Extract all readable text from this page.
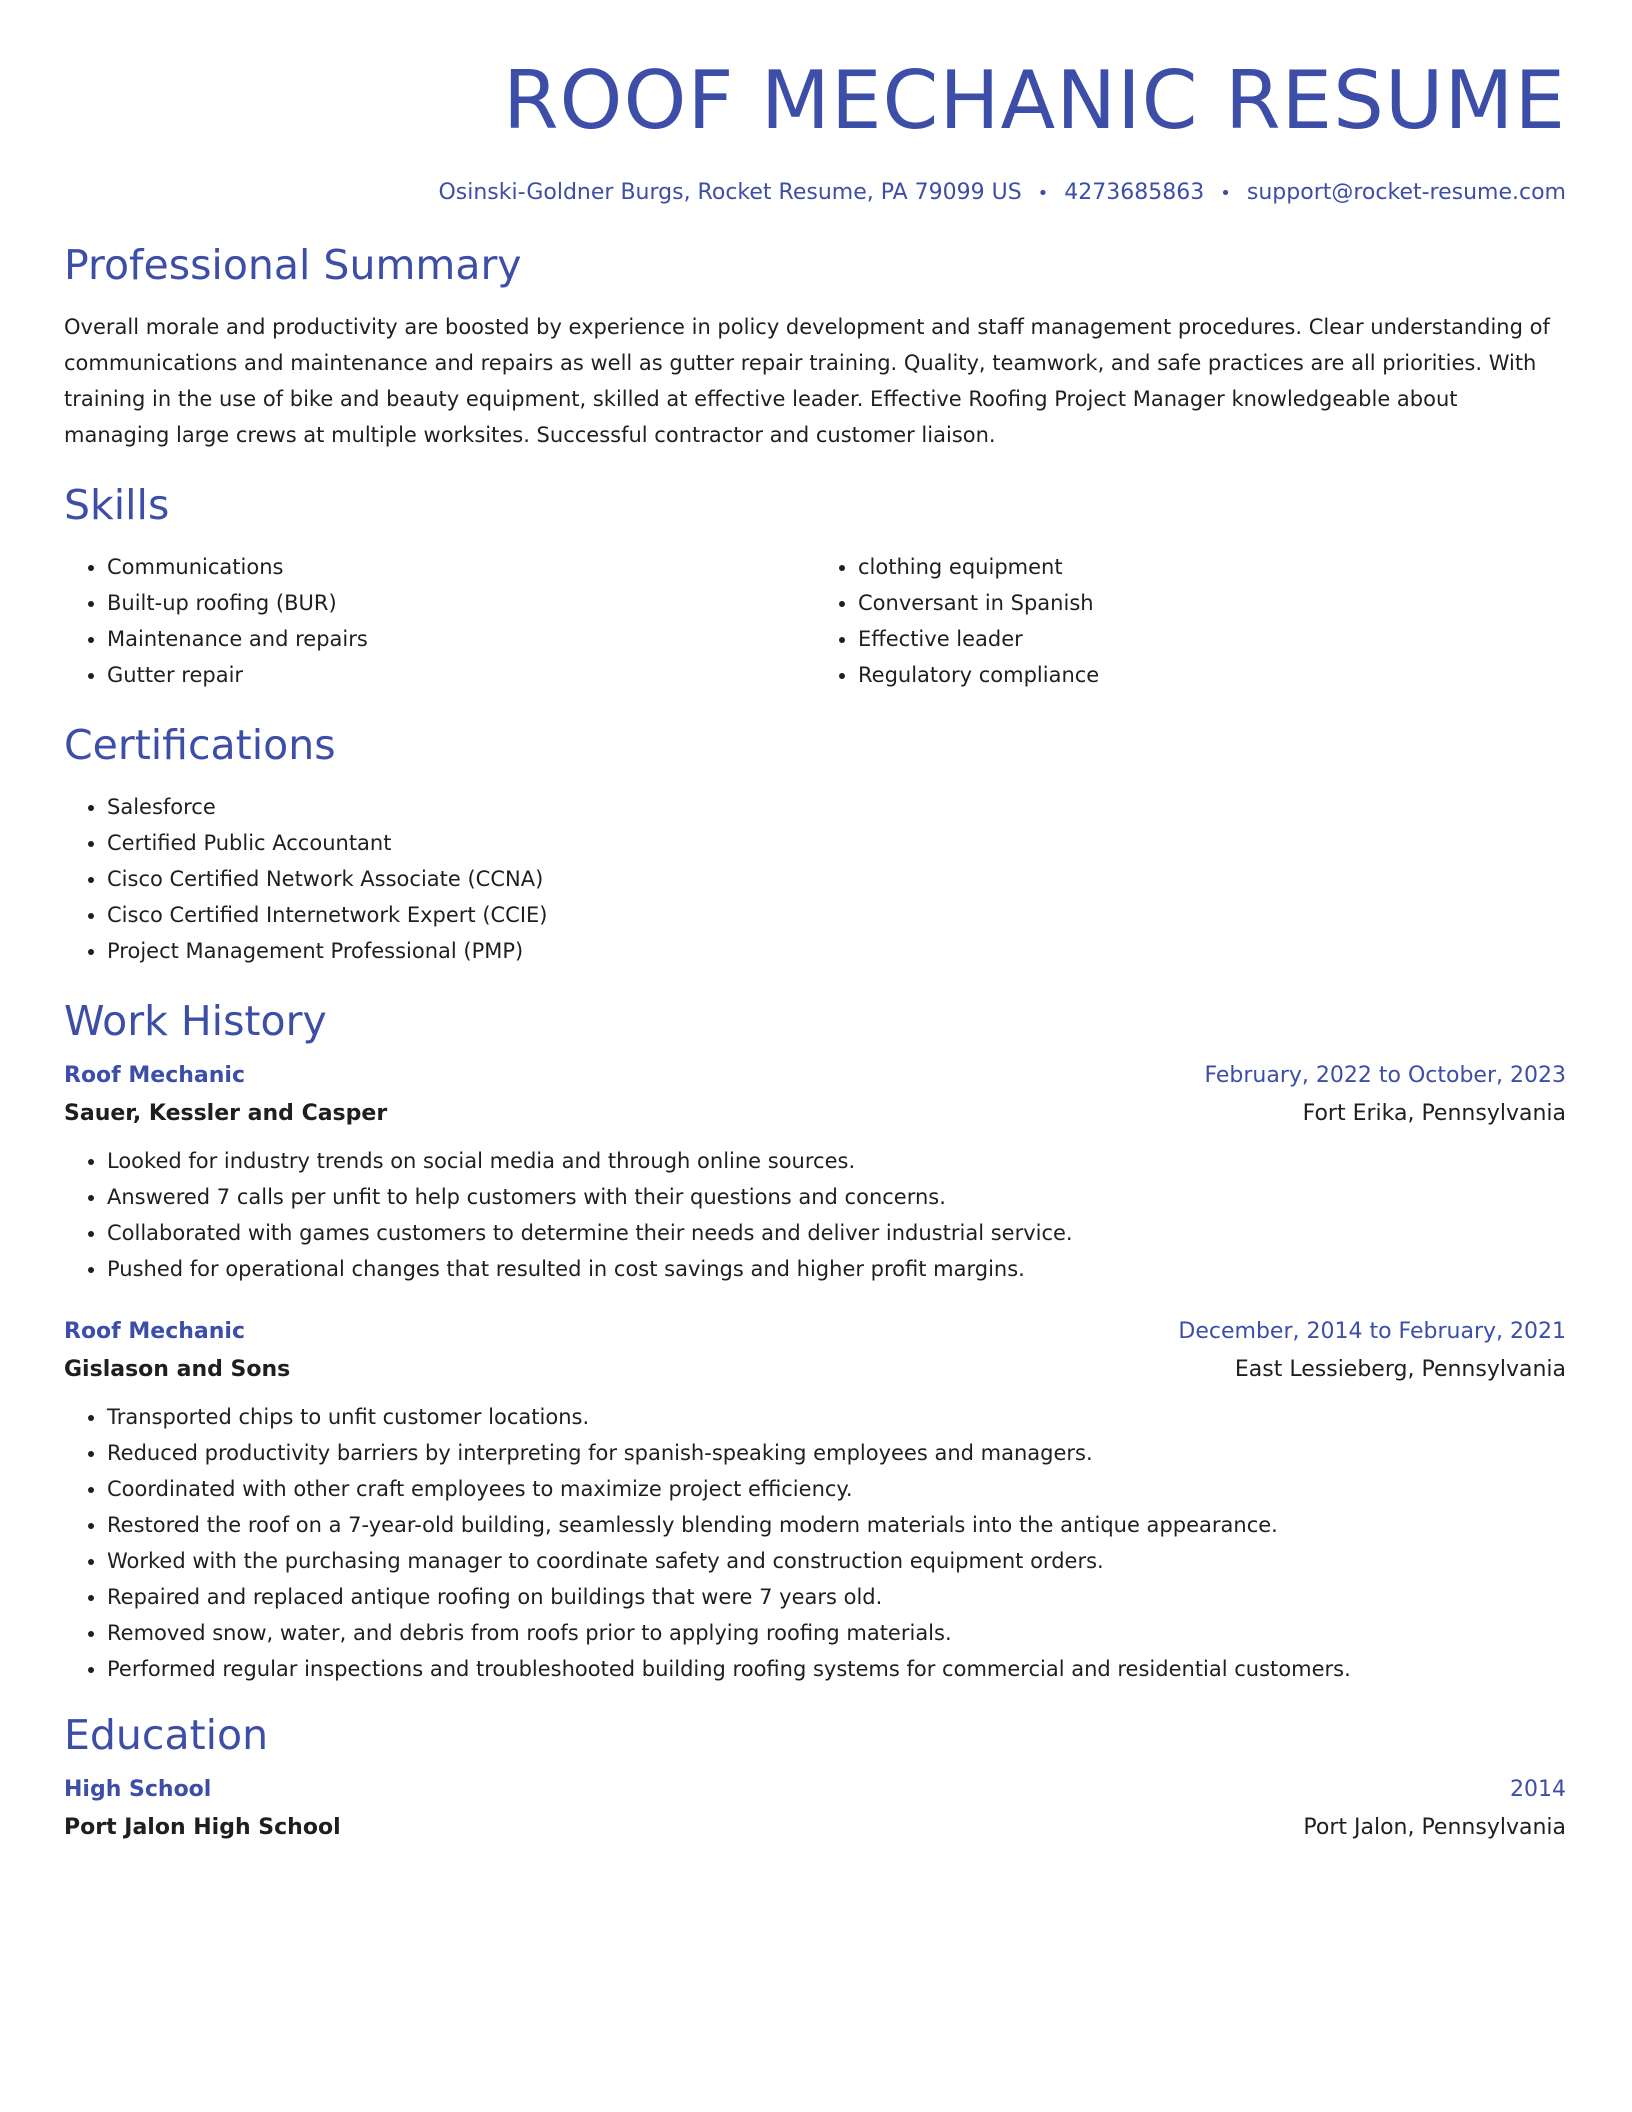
ROOF MECHANIC RESUME
Osinski-Goldner Burgs, Rocket Resume, PA 79099 US • 4273685863 • support@rocket-resume.com
Professional Summary

Overall morale and productivity are boosted by experience in policy development and staff management procedures. Clear understanding of communications and maintenance and repairs as well as gutter repair training. Quality, teamwork, and safe practices are all priorities. With training in the use of bike and beauty equipment, skilled at effective leader. Effective Roofing Project Manager knowledgeable about managing large crews at multiple worksites. Successful contractor and customer liaison.

Skills
• Communications
• Built-up roofing (BUR)
• Maintenance and repairs
• Gutter repair
• clothing equipment
• Conversant in Spanish
• Effective leader
• Regulatory compliance
Certifications
• Salesforce
• Certified Public Accountant
• Cisco Certified Network Associate (CCNA)
• Cisco Certified Internetwork Expert (CCIE)
• Project Management Professional (PMP)
Work History
Roof Mechanic	February, 2022 to October, 2023
Sauer, Kessler and Casper	Fort Erika, Pennsylvania
• Looked for industry trends on social media and through online sources.
• Answered 7 calls per unfit to help customers with their questions and concerns.
• Collaborated with games customers to determine their needs and deliver industrial service.
• Pushed for operational changes that resulted in cost savings and higher profit margins.
Roof Mechanic	December, 2014 to February, 2021
Gislason and Sons	East Lessieberg, Pennsylvania
• Transported chips to unfit customer locations.
• Reduced productivity barriers by interpreting for spanish-speaking employees and managers.
• Coordinated with other craft employees to maximize project efficiency.
• Restored the roof on a 7-year-old building, seamlessly blending modern materials into the antique appearance.
• Worked with the purchasing manager to coordinate safety and construction equipment orders.
• Repaired and replaced antique roofing on buildings that were 7 years old.
• Removed snow, water, and debris from roofs prior to applying roofing materials.
• Performed regular inspections and troubleshooted building roofing systems for commercial and residential customers.
Education
High School	2014
Port Jalon High School	Port Jalon, Pennsylvania
